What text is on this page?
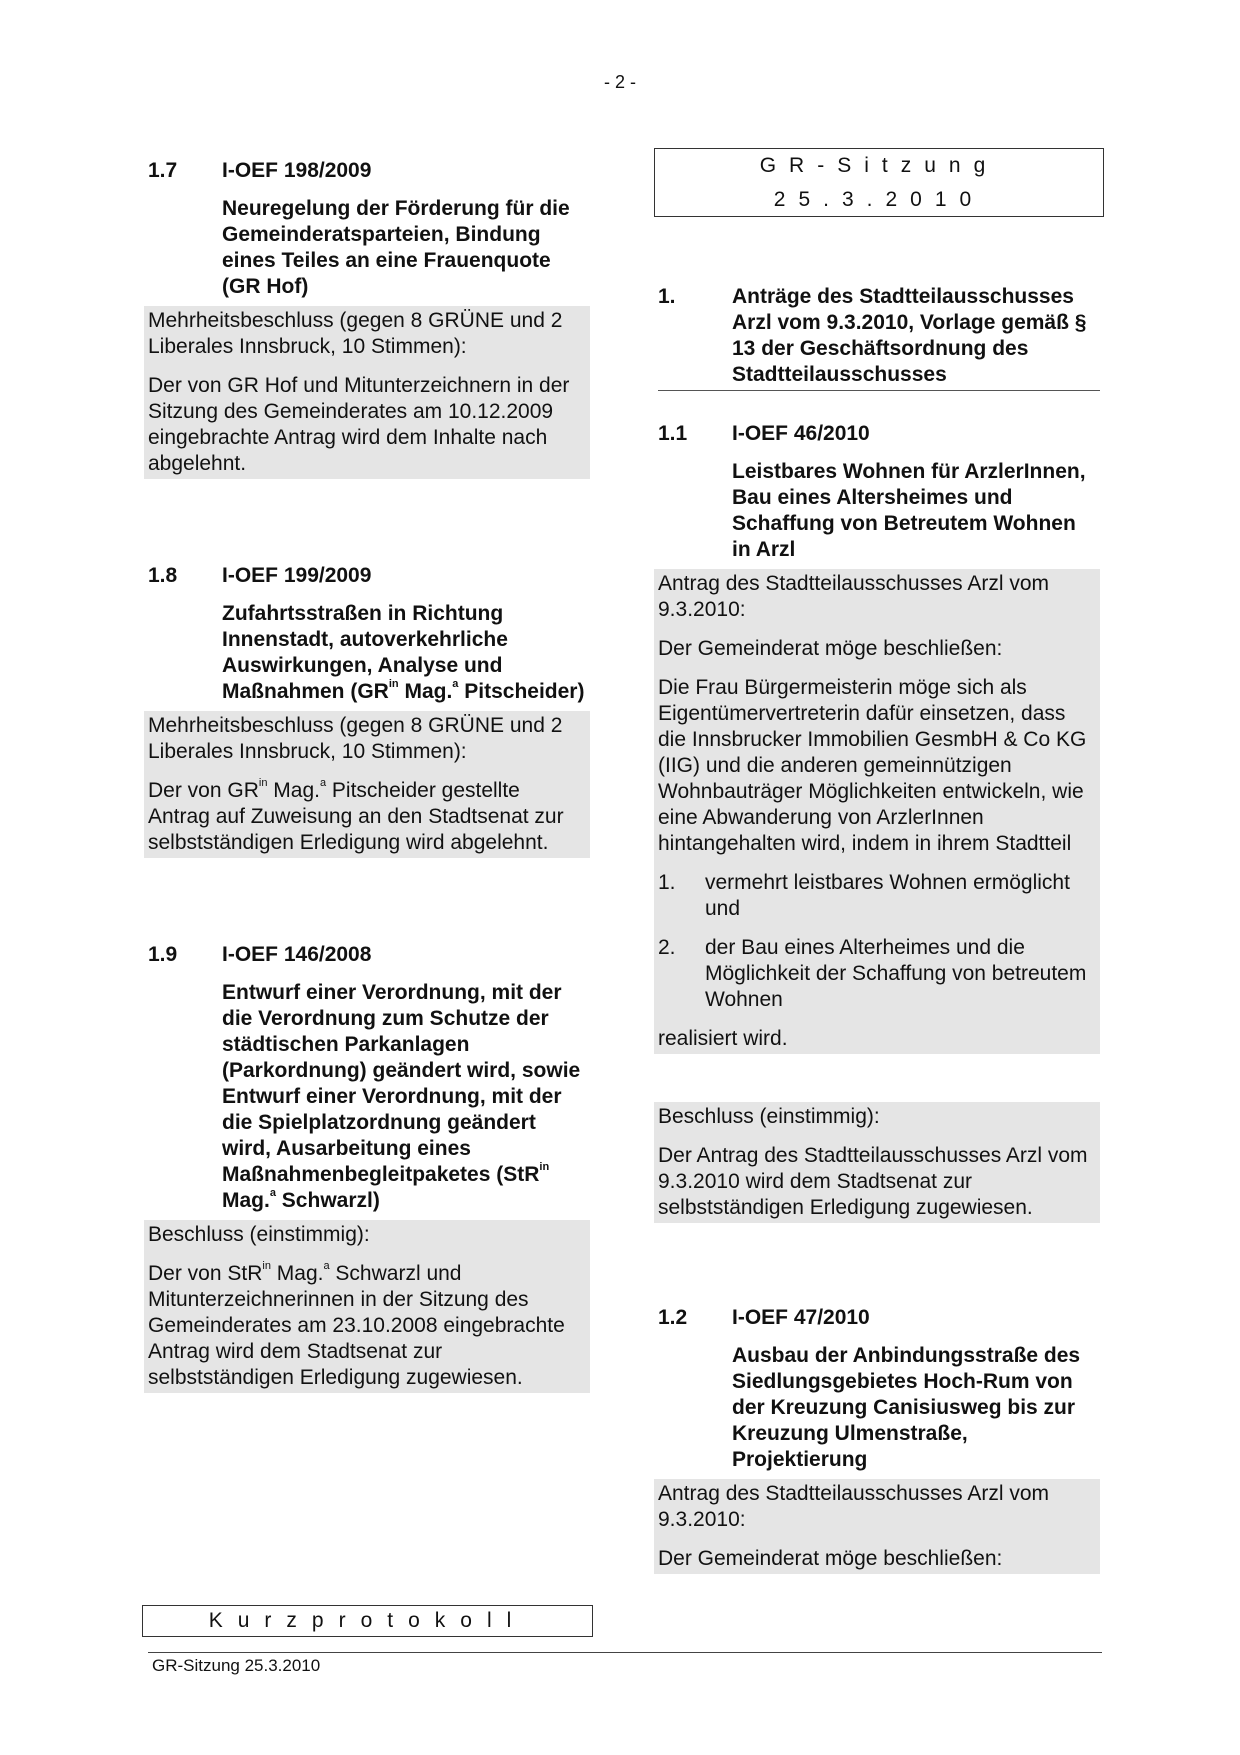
- 2 -
GR-Sitzung
25.3.2010
1.7	I-OEF 198/2009
Neuregelung der Förderung für die Gemeinderatsparteien, Bindung eines Teiles an eine Frauenquote (GR Hof)

Mehrheitsbeschluss (gegen 8 GRÜNE und 2 Liberales Innsbruck, 10 Stimmen):

Der von GR Hof und Mitunterzeichnern in der Sitzung des Gemeinderates am 10.12.2009 eingebrachte Antrag wird dem Inhalte nach abgelehnt.

1.8	I-OEF 199/2009
Zufahrtsstraßen in Richtung Innenstadt, autoverkehrliche Auswirkungen, Analyse und Maßnahmen ($GR^{in}$ Mag.$^a$ Pitscheider)

Mehrheitsbeschluss (gegen 8 GRÜNE und 2 Liberales Innsbruck, 10 Stimmen):

Der von $GR^{in}$ Mag.$^a$ Pitscheider gestellte Antrag auf Zuweisung an den Stadtsenat zur selbstständigen Erledigung wird abgelehnt.

1.9	I-OEF 146/2008
Entwurf einer Verordnung, mit der die Verordnung zum Schutze der städtischen Parkanlagen (Parkordnung) geändert wird, sowie Entwurf einer Verordnung, mit der die Spielplatzordnung geändert wird, Ausarbeitung eines Maßnahmenbegleitpaketes (StR$^{in}$ Mag.$^a$ Schwarzl)

Beschluss (einstimmig):

Der von StR$^{in}$ Mag.$^a$ Schwarzl und Mitunterzeichnerinnen in der Sitzung des Gemeinderates am 23.10.2008 eingebrachte Antrag wird dem Stadtsenat zur selbstständigen Erledigung zugewiesen.

1.	Anträge des Stadtteilausschusses Arzl vom 9.3.2010, Vorlage gemäß § 13 der Geschäftsordnung des Stadtteilausschusses
1.1	I-OEF 46/2010
Leistbares Wohnen für ArzlerInnen, Bau eines Altersheimes und Schaffung von Betreutem Wohnen in Arzl

Antrag des Stadtteilausschusses Arzl vom 9.3.2010:

Der Gemeinderat möge beschließen:

Die Frau Bürgermeisterin möge sich als Eigentümervertreterin dafür einsetzen, dass die Innsbrucker Immobilien GesmbH & Co KG (IIG) und die anderen gemeinnützigen Wohnbauträger Möglichkeiten entwickeln, wie eine Abwanderung von ArzlerInnen hintangehalten wird, indem in ihrem Stadtteil

1.	vermehrt leistbares Wohnen ermöglicht und
2.	der Bau eines Alterheimes und die Möglichkeit der Schaffung von betreutem Wohnen

realisiert wird.

Beschluss (einstimmig):

Der Antrag des Stadtteilausschusses Arzl vom 9.3.2010 wird dem Stadtsenat zur selbstständigen Erledigung zugewiesen.

1.2	I-OEF 47/2010
Ausbau der Anbindungsstraße des Siedlungsgebietes Hoch-Rum von der Kreuzung Canisiusweg bis zur Kreuzung Ulmenstraße, Projektierung

Antrag des Stadtteilausschusses Arzl vom 9.3.2010:

Der Gemeinderat möge beschließen:

Kurzprotokoll
GR-Sitzung 25.3.2010
